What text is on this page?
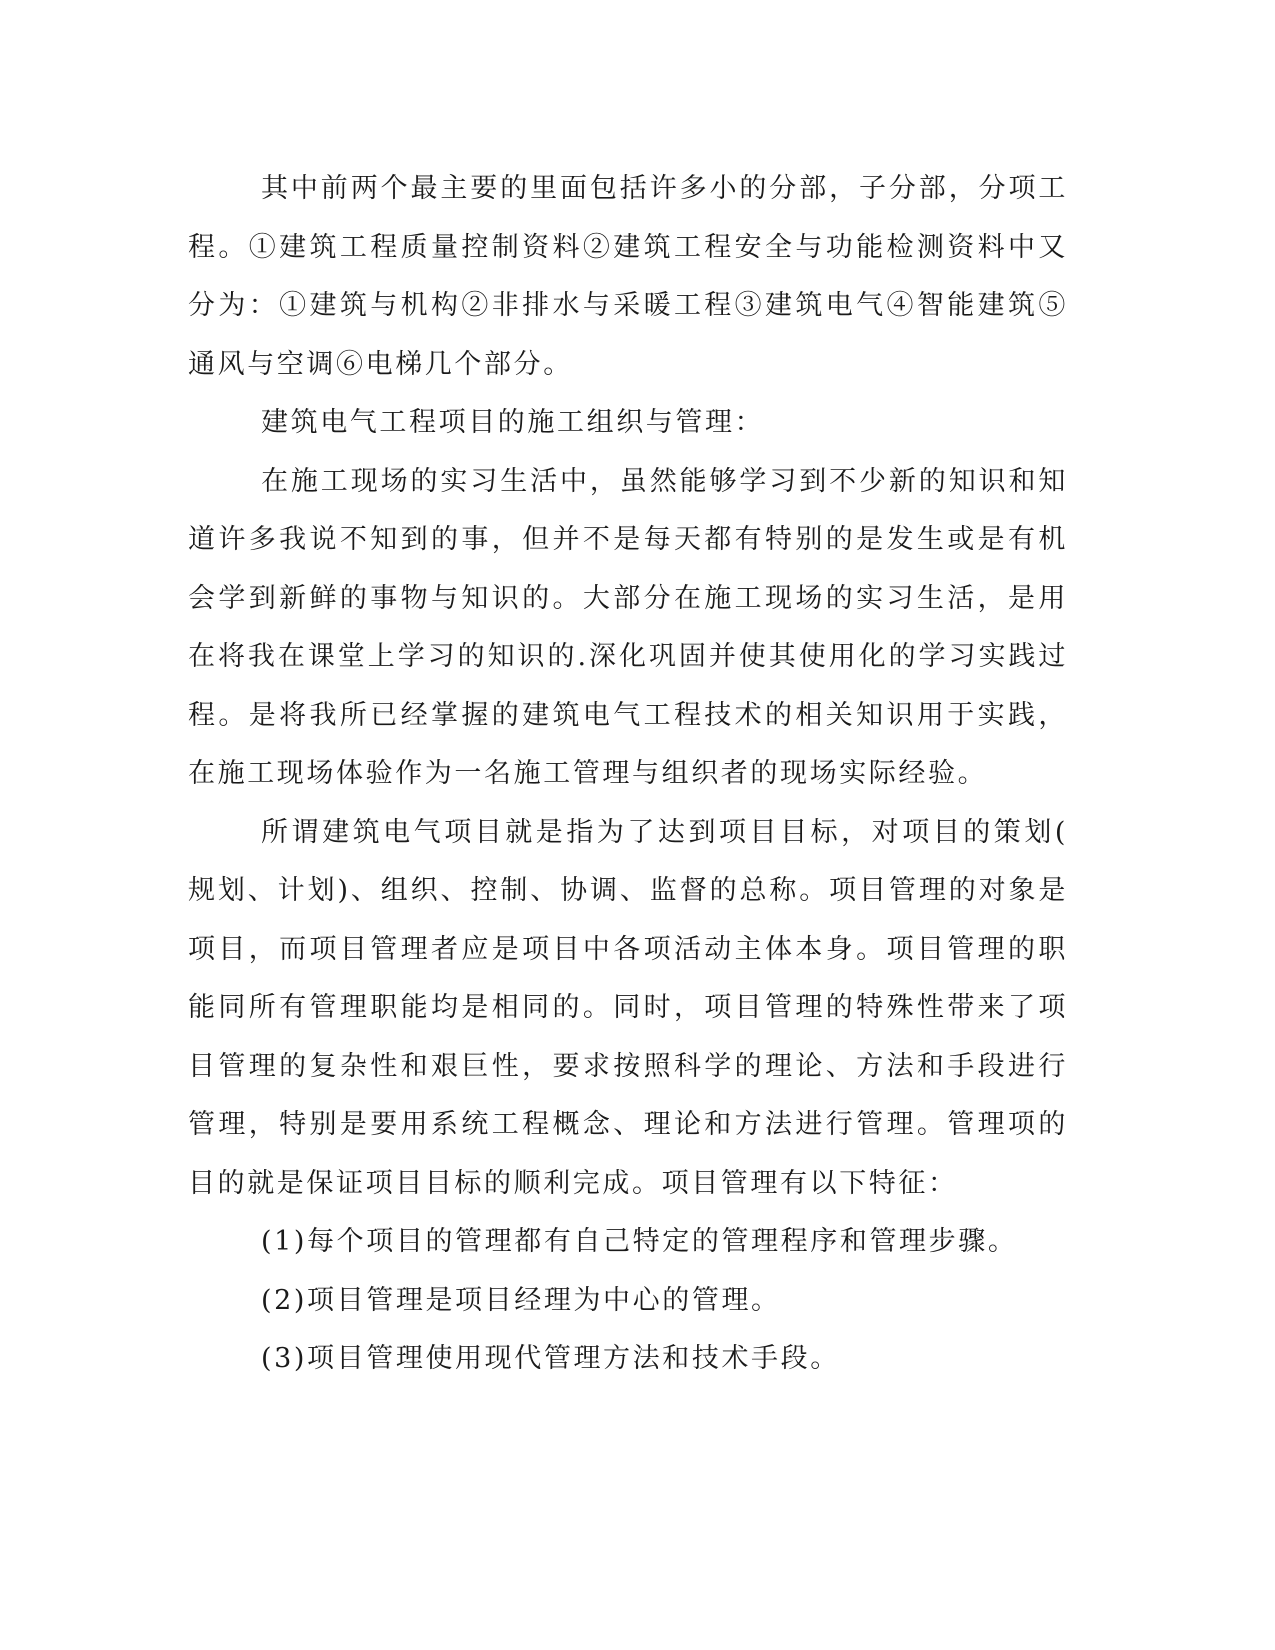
其中前两个最主要的里面包括许多小的分部，子分部，分项工程。①建筑工程质量控制资料②建筑工程安全与功能检测资料中又分为：①建筑与机构②非排水与采暖工程③建筑电气④智能建筑⑤通风与空调⑥电梯几个部分。

建筑电气工程项目的施工组织与管理：

在施工现场的实习生活中，虽然能够学习到不少新的知识和知道许多我说不知到的事，但并不是每天都有特别的是发生或是有机会学到新鲜的事物与知识的。大部分在施工现场的实习生活，是用在将我在课堂上学习的知识的.深化巩固并使其使用化的学习实践过程。是将我所已经掌握的建筑电气工程技术的相关知识用于实践，在施工现场体验作为一名施工管理与组织者的现场实际经验。

所谓建筑电气项目就是指为了达到项目目标，对项目的策划(规划、计划)、组织、控制、协调、监督的总称。项目管理的对象是项目，而项目管理者应是项目中各项活动主体本身。项目管理的职能同所有管理职能均是相同的。同时，项目管理的特殊性带来了项目管理的复杂性和艰巨性，要求按照科学的理论、方法和手段进行管理，特别是要用系统工程概念、理论和方法进行管理。管理项的目的就是保证项目目标的顺利完成。项目管理有以下特征：

(1)每个项目的管理都有自己特定的管理程序和管理步骤。

(2)项目管理是项目经理为中心的管理。

(3)项目管理使用现代管理方法和技术手段。
